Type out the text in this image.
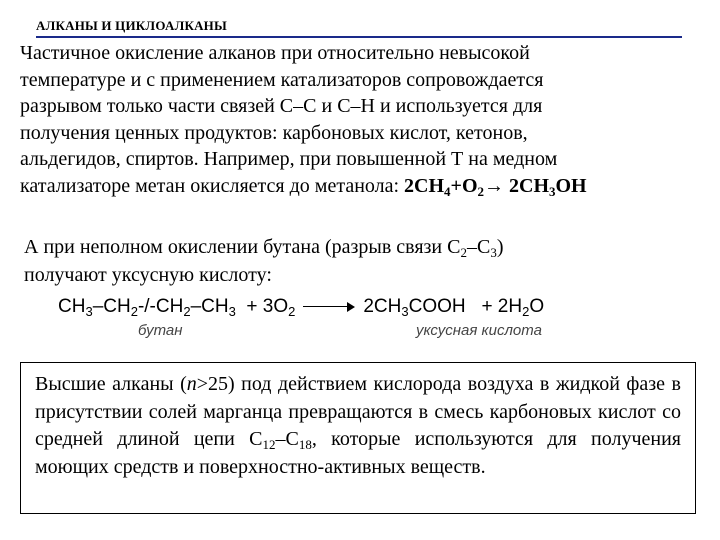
АЛКАНЫ И ЦИКЛОАЛКАНЫ
Частичное окисление алканов при относительно невысокой
температуре и с применением катализаторов сопровождается
разрывом только части связей С–С и С–Н и используется для
получения ценных продуктов: карбоновых кислот, кетонов,
альдегидов, спиртов. Например, при повышенной Т на медном
катализаторе метан окисляется до метанола: $2CH_4+O_2\to 2CH_3OH$
А при неполном окислении бутана (разрыв связи $С_2-С_3$)
получают уксусную кислоту:
$CH_3-CH_2-/-CH_2-CH_3 + 3O_2$	$2CH_3COOH + 2H_2O$
бутан	уксусная кислота

Высшие алканы (n>25) под действием кислорода воздуха в жидкой фазе в присутствии солей марганца превращаются в смесь карбоновых кислот со средней длиной цепи $C_{12}-C_{18}$, которые используются для получения моющих средств и поверхностно-активных веществ.
